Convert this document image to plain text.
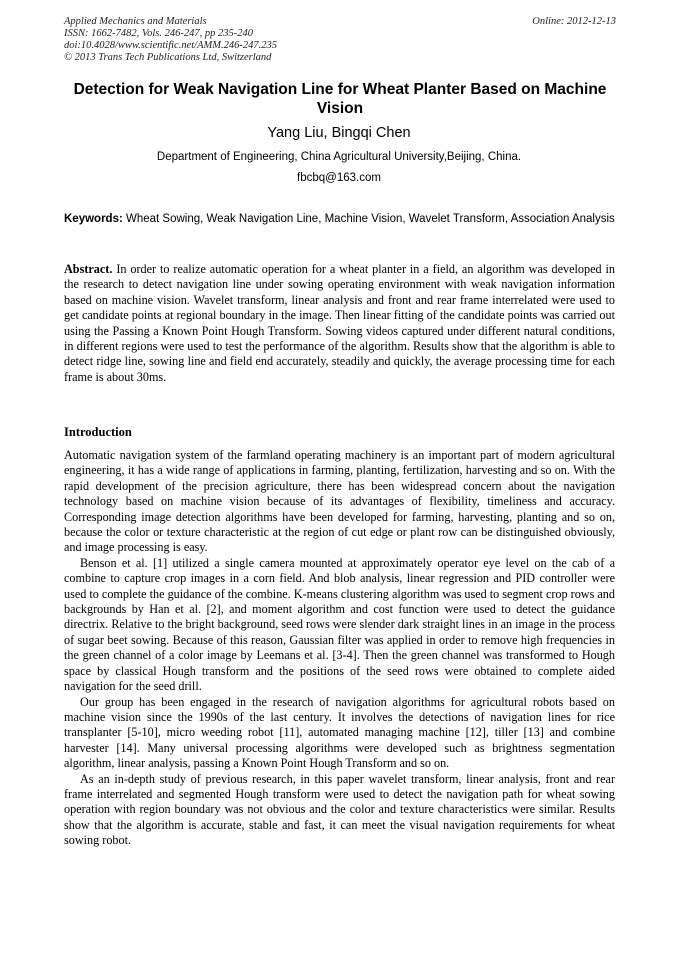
Applied Mechanics and Materials
ISSN: 1662-7482, Vols. 246-247, pp 235-240
doi:10.4028/www.scientific.net/AMM.246-247.235
© 2013 Trans Tech Publications Ltd, Switzerland
Online: 2012-12-13
Detection for Weak Navigation Line for Wheat Planter Based on Machine Vision
Yang Liu, Bingqi Chen
Department of Engineering, China Agricultural University,Beijing, China.
fbcbq@163.com
Keywords: Wheat Sowing, Weak Navigation Line, Machine Vision, Wavelet Transform, Association Analysis
Abstract. In order to realize automatic operation for a wheat planter in a field, an algorithm was developed in the research to detect navigation line under sowing operating environment with weak navigation information based on machine vision. Wavelet transform, linear analysis and front and rear frame interrelated were used to get candidate points at regional boundary in the image. Then linear fitting of the candidate points was carried out using the Passing a Known Point Hough Transform. Sowing videos captured under different natural conditions, in different regions were used to test the performance of the algorithm. Results show that the algorithm is able to detect ridge line, sowing line and field end accurately, steadily and quickly, the average processing time for each frame is about 30ms.
Introduction

Automatic navigation system of the farmland operating machinery is an important part of modern agricultural engineering, it has a wide range of applications in farming, planting, fertilization, harvesting and so on. With the rapid development of the precision agriculture, there has been widespread concern about the navigation technology based on machine vision because of its advantages of flexibility, timeliness and accuracy. Corresponding image detection algorithms have been developed for farming, harvesting, planting and so on, because the color or texture characteristic at the region of cut edge or plant row can be distinguished obviously, and image processing is easy.

Benson et al. [1] utilized a single camera mounted at approximately operator eye level on the cab of a combine to capture crop images in a corn field. And blob analysis, linear regression and PID controller were used to complete the guidance of the combine. K-means clustering algorithm was used to segment crop rows and backgrounds by Han et al. [2], and moment algorithm and cost function were used to detect the guidance directrix. Relative to the bright background, seed rows were slender dark straight lines in an image in the process of sugar beet sowing. Because of this reason, Gaussian filter was applied in order to remove high frequencies in the green channel of a color image by Leemans et al. [3-4]. Then the green channel was transformed to Hough space by classical Hough transform and the positions of the seed rows were obtained to complete aided navigation for the seed drill.

Our group has been engaged in the research of navigation algorithms for agricultural robots based on machine vision since the 1990s of the last century. It involves the detections of navigation lines for rice transplanter [5-10], micro weeding robot [11], automated managing machine [12], tiller [13] and combine harvester [14]. Many universal processing algorithms were developed such as brightness segmentation algorithm, linear analysis, passing a Known Point Hough Transform and so on.

As an in-depth study of previous research, in this paper wavelet transform, linear analysis, front and rear frame interrelated and segmented Hough transform were used to detect the navigation path for wheat sowing operation with region boundary was not obvious and the color and texture characteristics were similar. Results show that the algorithm is accurate, stable and fast, it can meet the visual navigation requirements for wheat sowing robot.
